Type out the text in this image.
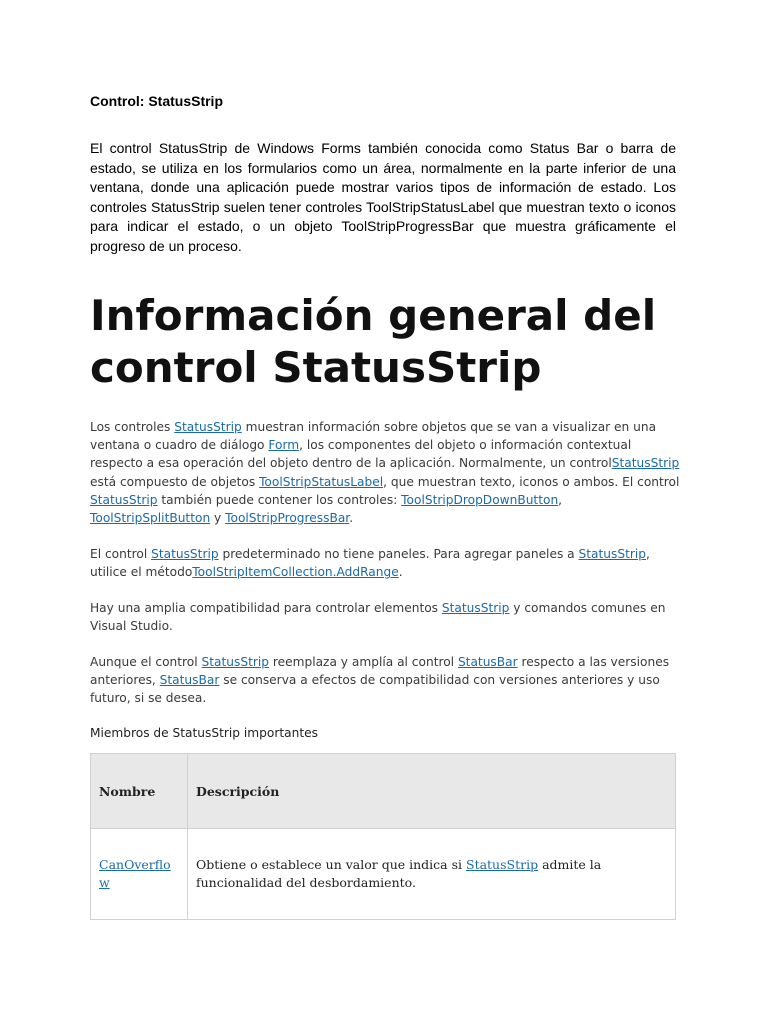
Control: StatusStrip

El control StatusStrip de Windows Forms también conocida como Status Bar o barra de estado, se utiliza en los formularios como un área, normalmente en la parte inferior de una ventana, donde una aplicación puede mostrar varios tipos de información de estado. Los controles StatusStrip suelen tener controles ToolStripStatusLabel que muestran texto o iconos para indicar el estado, o un objeto ToolStripProgressBar que muestra gráficamente el progreso de un proceso.

Información general del control StatusStrip

Los controles StatusStrip muestran información sobre objetos que se van a visualizar en una ventana o cuadro de diálogo Form, los componentes del objeto o información contextual respecto a esa operación del objeto dentro de la aplicación. Normalmente, un controlStatusStrip está compuesto de objetos ToolStripStatusLabel, que muestran texto, iconos o ambos. El control StatusStrip también puede contener los controles: ToolStripDropDownButton, ToolStripSplitButton y ToolStripProgressBar.

El control StatusStrip predeterminado no tiene paneles. Para agregar paneles a StatusStrip, utilice el métodoToolStripItemCollection.AddRange.

Hay una amplia compatibilidad para controlar elementos StatusStrip y comandos comunes en Visual Studio.

Aunque el control StatusStrip reemplaza y amplía al control StatusBar respecto a las versiones anteriores, StatusBar se conserva a efectos de compatibilidad con versiones anteriores y uso futuro, si se desea.

Miembros de StatusStrip importantes
Nombre	Descripción
CanOverflow	Obtiene o establece un valor que indica si StatusStrip admite la funcionalidad del desbordamiento.
